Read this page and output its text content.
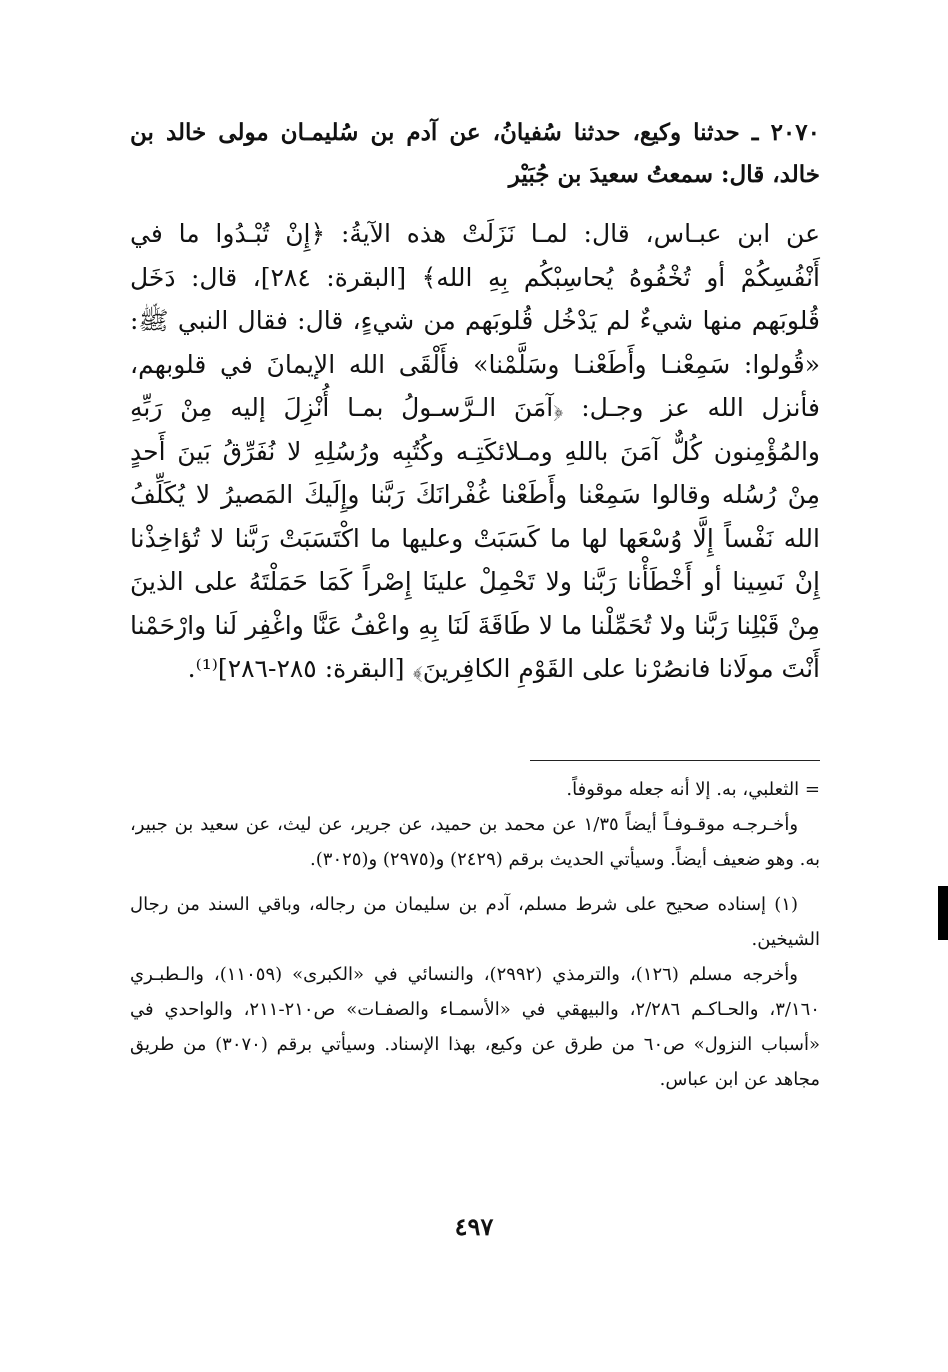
٢٠٧٠ ـ حدثنا وكيع، حدثنا سُفيانُ، عن آدم بن سُليمـان مولى خالد بن خالد، قال: سمعتُ سعيدَ بن جُبَيْر

عن ابن عبـاس، قال: لمـا نَزَلَتْ هذه الآيةُ: ﴿إِنْ تُبْـدُوا ما في أَنْفُسِكُمْ أو تُخْفُوهُ يُحاسِبْكُم بِهِ الله﴾ [البقرة: ٢٨٤]، قال: دَخَل قُلوبَهم منها شيءٌ لم يَدْخُل قُلوبَهم من شيءٍ، قال: فقال النبي ﷺ: «قُولوا: سَمِعْنـا وأَطَعْنـا وسَلَّمْنا» فأَلْقَى الله الإيمانَ في قلوبهم، فأنزل الله عز وجـل: ﴿آمَنَ الـرَّسـولُ بمـا أُنْزِلَ إليه مِنْ رَبِّهِ والمُؤْمِنون كُلٌّ آمَنَ باللهِ ومـلائكَتِـه وكُتُبِه ورُسُلِهِ لا نُفَرِّقُ بَينَ أَحدٍ مِنْ رُسُله وقالوا سَمِعْنا وأَطَعْنا غُفْرانَكَ رَبَّنا وإِلَيكَ المَصيرُ لا يُكَلِّفُ الله نَفْساً إِلَّا وُسْعَها لها ما كَسَبَتْ وعليها ما اكْتَسَبَتْ رَبَّنا لا تُؤاخِذْنا إِنْ نَسِينا أو أَخْطَأْنا رَبَّنا ولا تَحْمِلْ علينَا إِصْراً كَمَا حَمَلْتَهُ على الذينَ مِنْ قَبْلِنا رَبَّنا ولا تُحَمِّلْنا ما لا طَاقَةَ لَنَا بِهِ واعْفُ عَنَّا واغْفِر لَنا وارْحَمْنا أَنْتَ مولَانا فانصُرْنا على القَوْمِ الكافِرينَ﴾ [البقرة: ٢٨٥-٢٨٦]⁽¹⁾.

= الثعلبي، به. إلا أنه جعله موقوفاً.

وأخـرجـه موقـوفـاً أيضاً ١/٣٥ عن محمد بن حميد، عن جرير، عن ليث، عن سعيد بن جبير، به. وهو ضعيف أيضاً. وسيأتي الحديث برقم (٢٤٢٩) و(٢٩٧٥) و(٣٠٢٥).

(١) إسناده صحيح على شرط مسلم، آدم بن سليمان من رجاله، وباقي السند من رجال الشيخين.

وأخرجه مسلم (١٢٦)، والترمذي (٢٩٩٢)، والنسائي في «الكبرى» (١١٠٥٩)، والـطبـري ٣/١٦٠، والحـاكـم ٢/٢٨٦، والبيهقي في «الأسمـاء والصفـات» ص٢١٠-٢١١، والواحدي في «أسباب النزول» ص٦٠ من طرق عن وكيع، بهذا الإسناد. وسيأتي برقم (٣٠٧٠) من طريق مجاهد عن ابن عباس.

٤٩٧
